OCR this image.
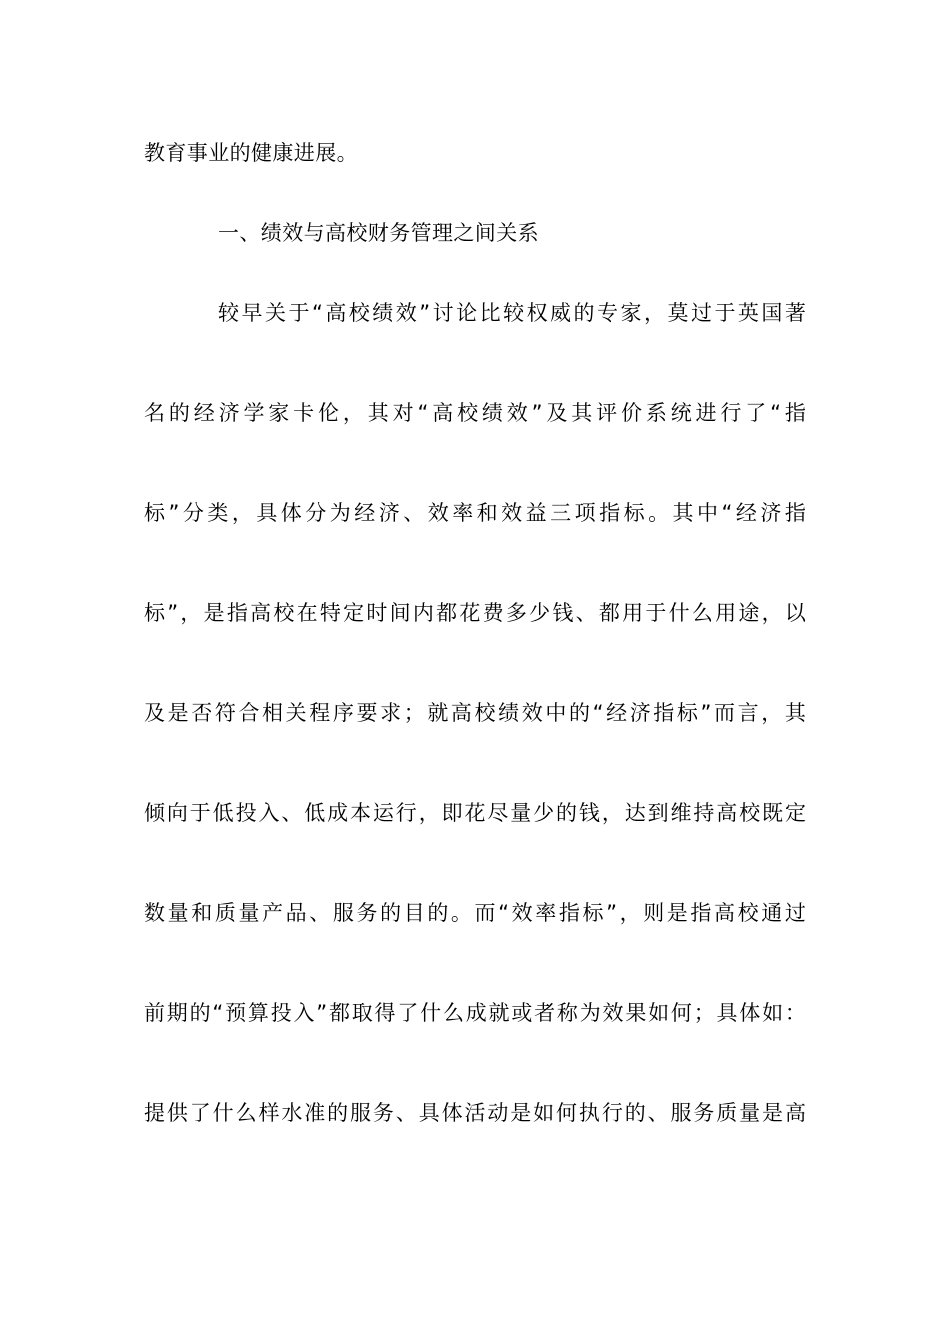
教育事业的健康进展。
一、绩效与高校财务管理之间关系
较 早 关 于 “ 高 校 绩 效 ” 讨 论 比 较 权 威 的 专 家 ， 莫 过 于 英 国 著
名 的 经 济 学 家 卡 伦 ， 其 对 “ 高 校 绩 效 ” 及 其 评 价 系 统 进 行 了 “ 指
标 ” 分 类 ， 具 体 分 为 经 济 、 效 率 和 效 益 三 项 指 标 。 其 中 “ 经 济 指
标 ” ， 是 指 高 校 在 特 定 时 间 内 都 花 费 多 少 钱 、 都 用 于 什 么 用 途 ， 以
及 是 否 符 合 相 关 程 序 要 求 ； 就 高 校 绩 效 中 的 “ 经 济 指 标 ” 而 言 ， 其
倾 向 于 低 投 入 、 低 成 本 运 行 ， 即 花 尽 量 少 的 钱 ， 达 到 维 持 高 校 既 定
数 量 和 质 量 产 品 、 服 务 的 目 的 。 而 “ 效 率 指 标 ” ， 则 是 指 高 校 通 过
前 期 的 “ 预 算 投 入 ” 都 取 得 了 什 么 成 就 或 者 称 为 效 果 如 何 ； 具 体 如 ：
提 供 了 什 么 样 水 准 的 服 务 、 具 体 活 动 是 如 何 执 行 的 、 服 务 质 量 是 高
